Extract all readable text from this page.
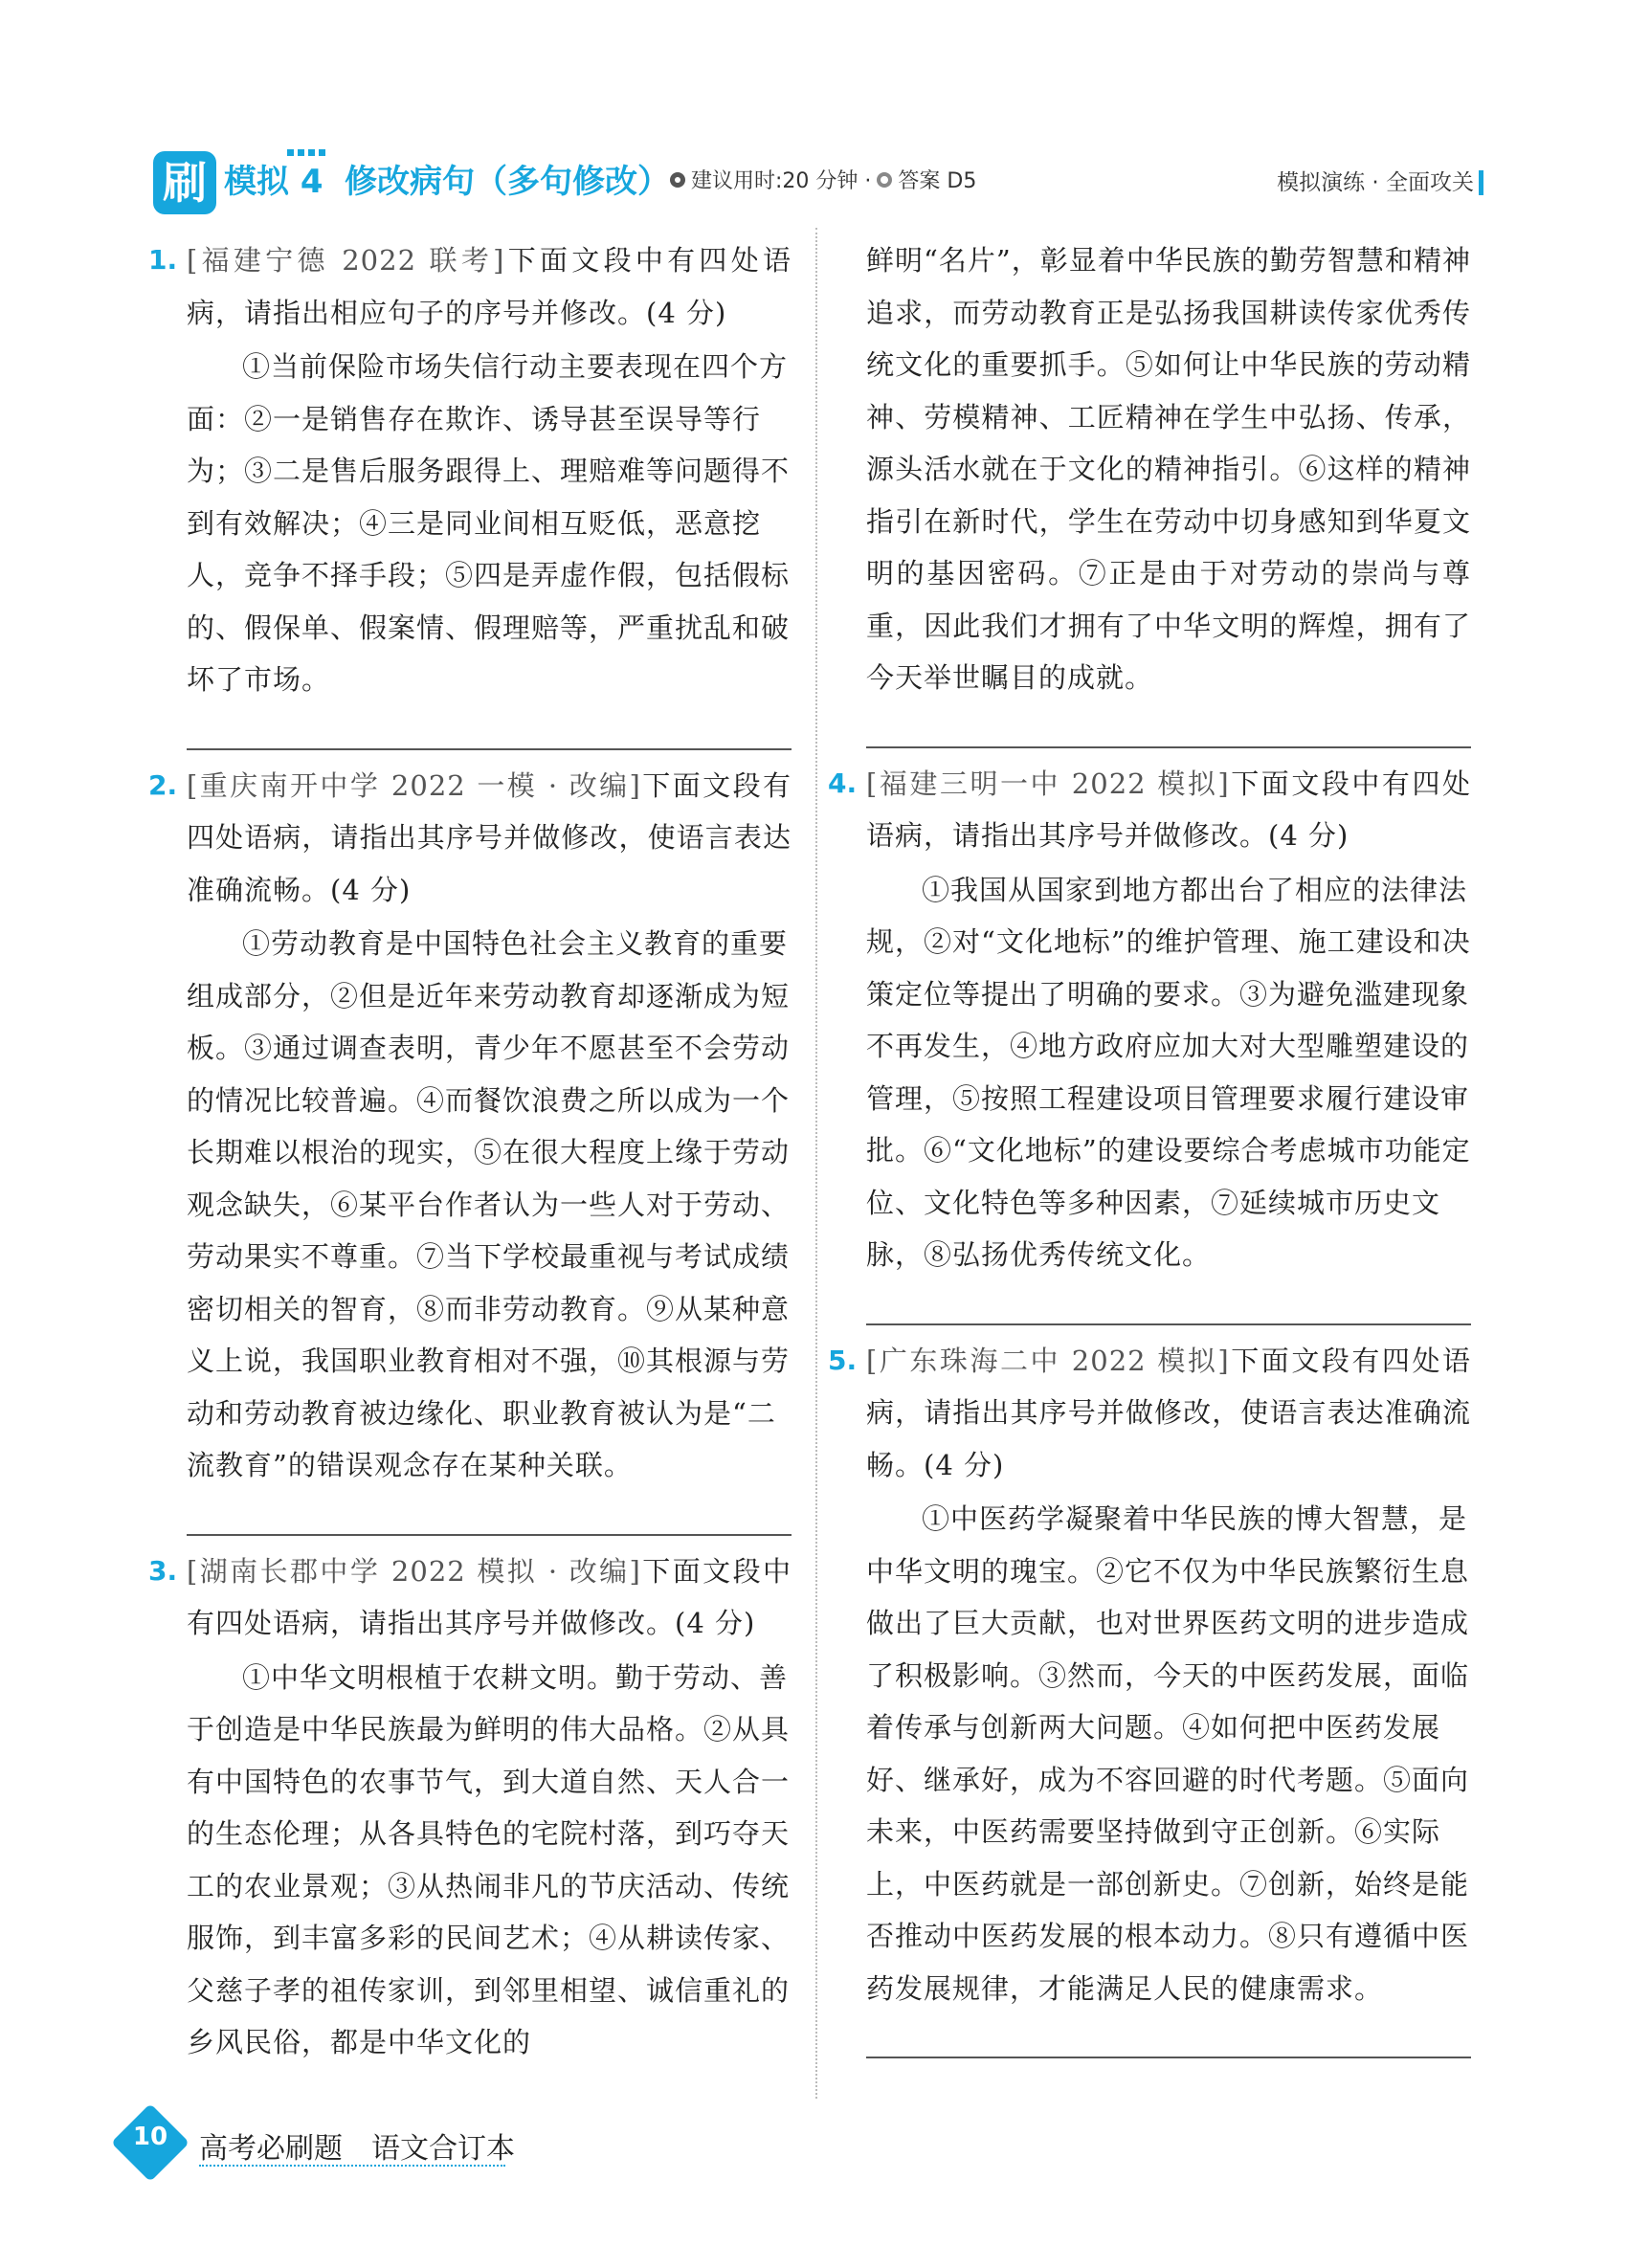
刷 模拟 4 修改病句（多句修改） 建议用时:20 分钟 · 答案 D5	模拟演练 · 全面攻关

1. [福建宁德 2022 联考]下面文段中有四处语病，请指出相应句子的序号并修改。(4 分)

①当前保险市场失信行动主要表现在四个方面：②一是销售存在欺诈、诱导甚至误导等行为；③二是售后服务跟得上、理赔难等问题得不到有效解决；④三是同业间相互贬低，恶意挖人，竞争不择手段；⑤四是弄虚作假，包括假标的、假保单、假案情、假理赔等，严重扰乱和破坏了市场。

2. [重庆南开中学 2022 一模 · 改编]下面文段有四处语病，请指出其序号并做修改，使语言表达准确流畅。(4 分)

①劳动教育是中国特色社会主义教育的重要组成部分，②但是近年来劳动教育却逐渐成为短板。③通过调查表明，青少年不愿甚至不会劳动的情况比较普遍。④而餐饮浪费之所以成为一个长期难以根治的现实，⑤在很大程度上缘于劳动观念缺失，⑥某平台作者认为一些人对于劳动、劳动果实不尊重。⑦当下学校最重视与考试成绩密切相关的智育，⑧而非劳动教育。⑨从某种意义上说，我国职业教育相对不强，⑩其根源与劳动和劳动教育被边缘化、职业教育被认为是“二流教育”的错误观念存在某种关联。

3. [湖南长郡中学 2022 模拟 · 改编]下面文段中有四处语病，请指出其序号并做修改。(4 分)

①中华文明根植于农耕文明。勤于劳动、善于创造是中华民族最为鲜明的伟大品格。②从具有中国特色的农事节气，到大道自然、天人合一的生态伦理；从各具特色的宅院村落，到巧夺天工的农业景观；③从热闹非凡的节庆活动、传统服饰，到丰富多彩的民间艺术；④从耕读传家、父慈子孝的祖传家训，到邻里相望、诚信重礼的乡风民俗，都是中华文化的

鲜明“名片”，彰显着中华民族的勤劳智慧和精神追求，而劳动教育正是弘扬我国耕读传家优秀传统文化的重要抓手。⑤如何让中华民族的劳动精神、劳模精神、工匠精神在学生中弘扬、传承，源头活水就在于文化的精神指引。⑥这样的精神指引在新时代，学生在劳动中切身感知到华夏文明的基因密码。⑦正是由于对劳动的崇尚与尊重，因此我们才拥有了中华文明的辉煌，拥有了今天举世瞩目的成就。

4. [福建三明一中 2022 模拟]下面文段中有四处语病，请指出其序号并做修改。(4 分)

①我国从国家到地方都出台了相应的法律法规，②对“文化地标”的维护管理、施工建设和决策定位等提出了明确的要求。③为避免滥建现象不再发生，④地方政府应加大对大型雕塑建设的管理，⑤按照工程建设项目管理要求履行建设审批。⑥“文化地标”的建设要综合考虑城市功能定位、文化特色等多种因素，⑦延续城市历史文脉，⑧弘扬优秀传统文化。

5. [广东珠海二中 2022 模拟]下面文段有四处语病，请指出其序号并做修改，使语言表达准确流畅。(4 分)

①中医药学凝聚着中华民族的博大智慧，是中华文明的瑰宝。②它不仅为中华民族繁衍生息做出了巨大贡献，也对世界医药文明的进步造成了积极影响。③然而，今天的中医药发展，面临着传承与创新两大问题。④如何把中医药发展好、继承好，成为不容回避的时代考题。⑤面向未来，中医药需要坚持做到守正创新。⑥实际上，中医药就是一部创新史。⑦创新，始终是能否推动中医药发展的根本动力。⑧只有遵循中医药发展规律，才能满足人民的健康需求。

10	高考必刷题　语文合订本
